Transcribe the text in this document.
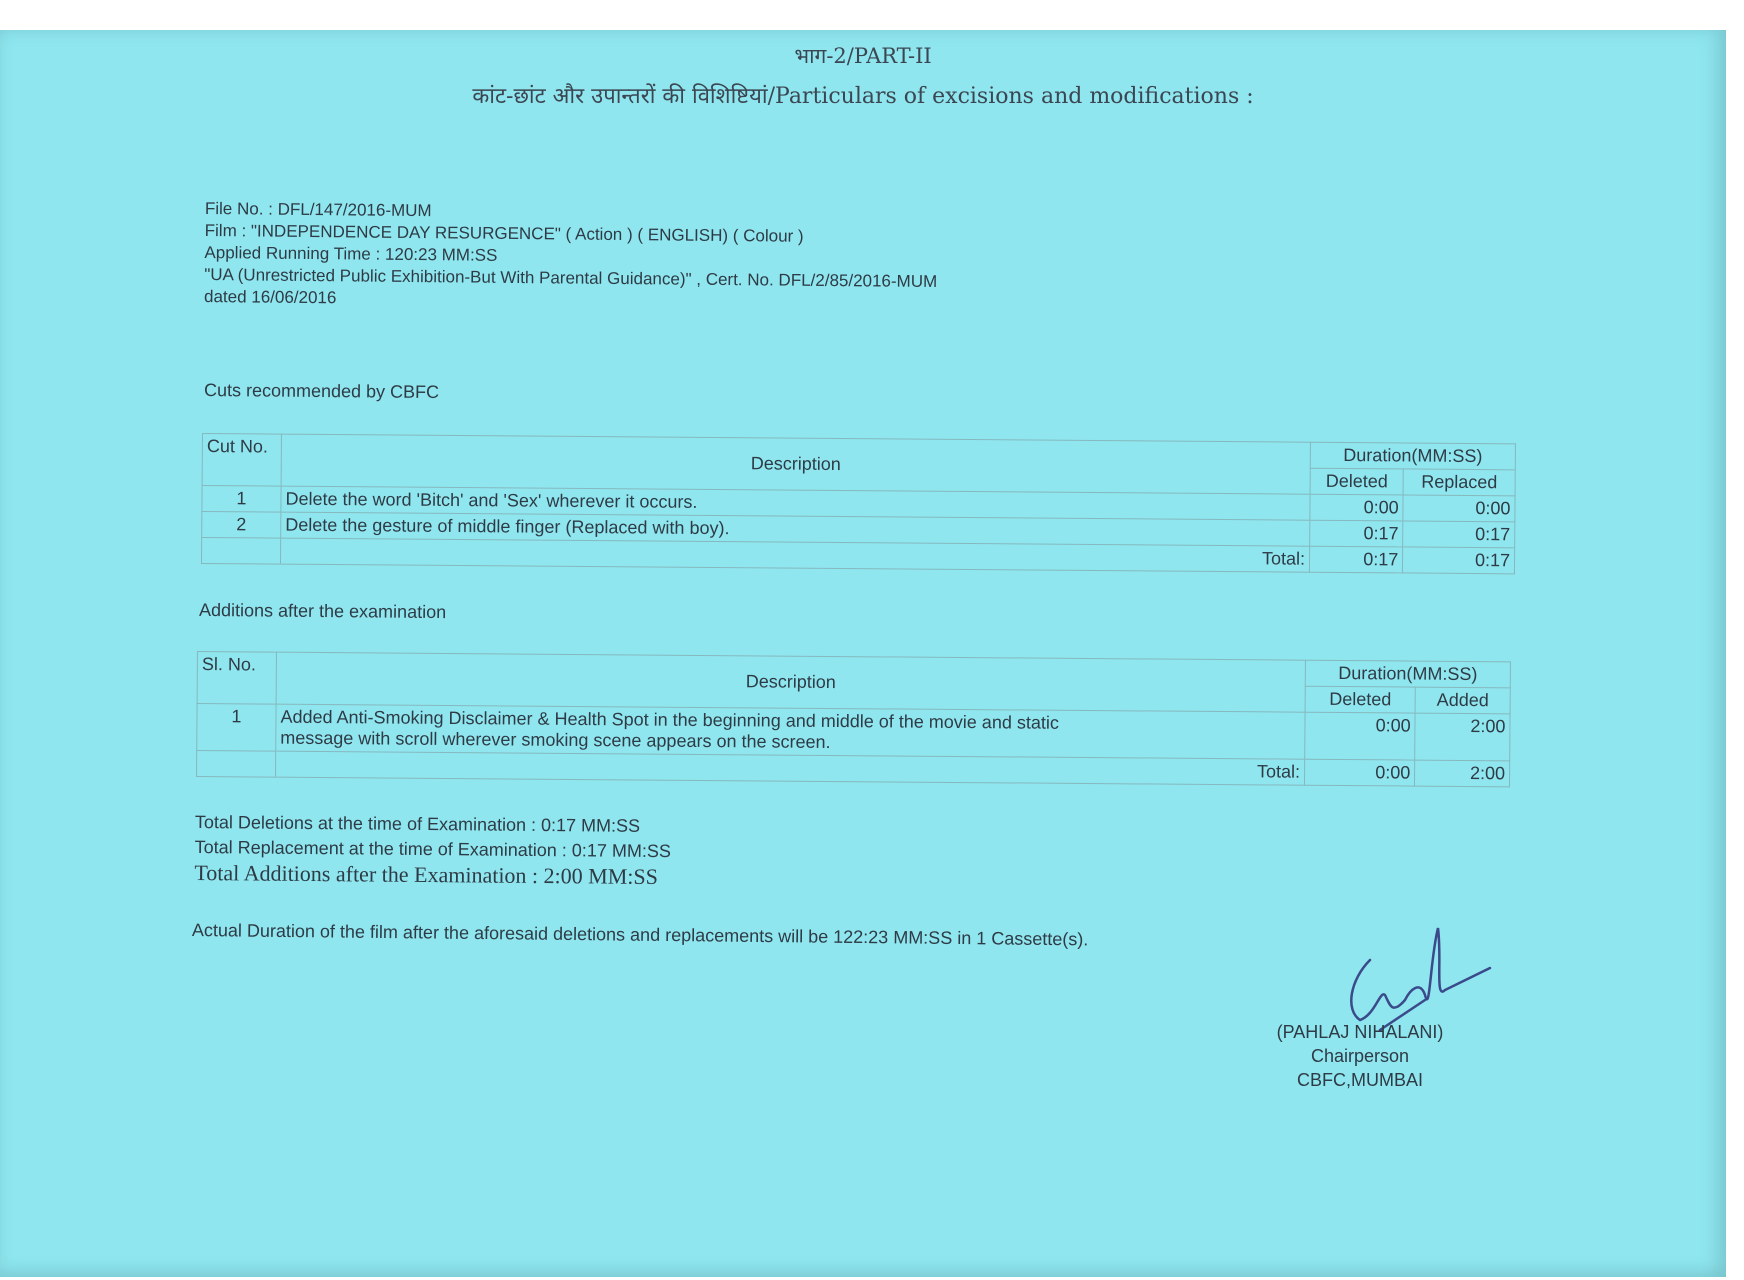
भाग-2/PART-II
कांट-छांट और उपान्तरों की विशिष्टियां/Particulars of excisions and modifications :
File No. : DFL/147/2016-MUM
Film : "INDEPENDENCE DAY RESURGENCE" ( Action ) ( ENGLISH) ( Colour )
Applied Running Time : 120:23 MM:SS
"UA (Unrestricted Public Exhibition-But With Parental Guidance)" , Cert. No. DFL/2/85/2016-MUM
dated 16/06/2016
Cuts recommended by CBFC
Cut No.	Description	Duration(MM:SS)	
		Deleted	Replaced
1	Delete the word 'Bitch' and 'Sex' wherever it occurs.	0:00	0:00
2	Delete the gesture of middle finger (Replaced with boy).	0:17	0:17
	Total:	0:17	0:17
Additions after the examination
Sl. No.	Description	Duration(MM:SS)	
		Deleted	Added
1	Added Anti-Smoking Disclaimer & Health Spot in the beginning and middle of the movie and static
message with scroll wherever smoking scene appears on the screen.	0:00	2:00
	Total:	0:00	2:00
Total Deletions at the time of Examination : 0:17 MM:SS
Total Replacement at the time of Examination : 0:17 MM:SS
Total Additions after the Examination : 2:00 MM:SS
Actual Duration of the film after the aforesaid deletions and replacements will be 122:23 MM:SS in 1 Cassette(s).
(PAHLAJ NIHALANI)
Chairperson
CBFC,MUMBAI
